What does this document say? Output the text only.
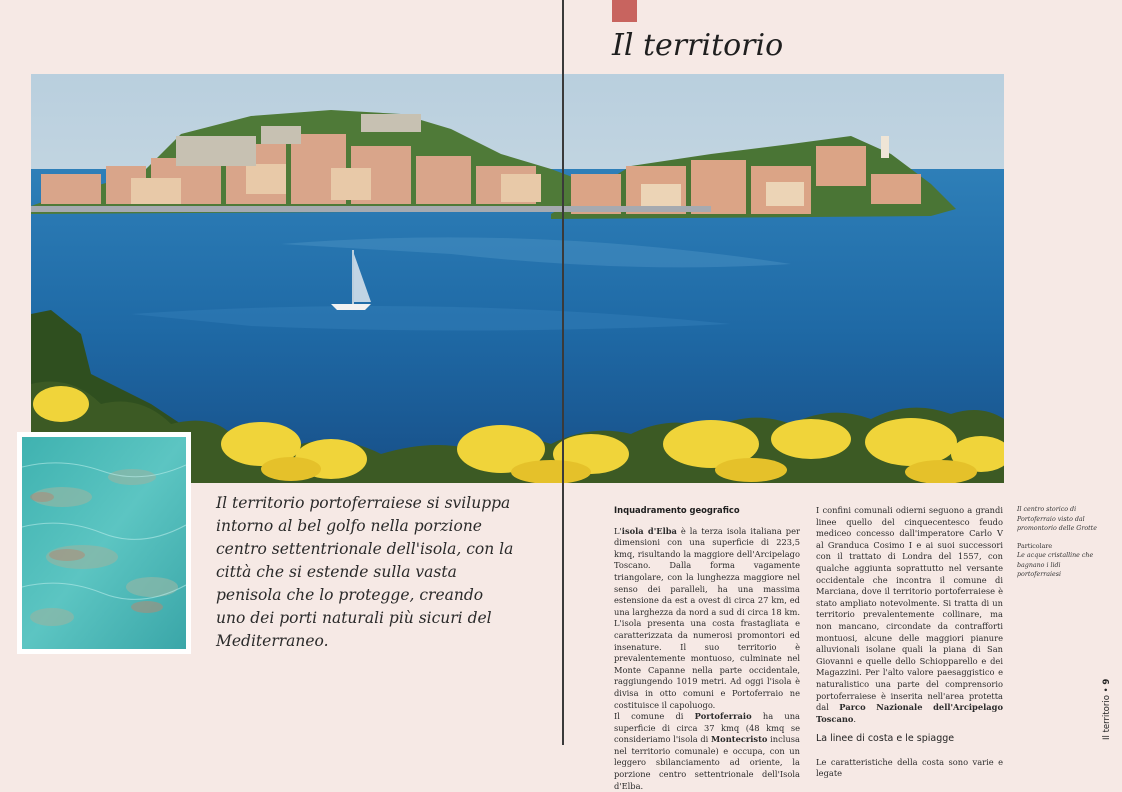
Il territorio

Il territorio portoferraiese si sviluppa intorno al bel golfo nella porzione centro settentrionale dell'isola, con la città che si estende sulla vasta penisola che lo protegge, creando uno dei porti naturali più sicuri del Mediterraneo.

Inquadramento geografico

L'isola d'Elba è la terza isola italiana per dimensioni con una superficie di 223,5 kmq, risultando la maggiore dell'Arcipelago Toscano. Dalla forma vagamente triangolare, con la lunghezza maggiore nel senso dei paralleli, ha una massima estensione da est a ovest di circa 27 km, ed una larghezza da nord a sud di circa 18 km. L'isola presenta una costa frastagliata e caratterizzata da numerosi promontori ed insenature. Il suo territorio è prevalentemente montuoso, culminate nel Monte Capanne nella parte occidentale, raggiungendo 1019 metri. Ad oggi l'isola è divisa in otto comuni e Portoferraio ne costituisce il capoluogo.

Il comune di Portoferraio ha una superficie di circa 37 kmq (48 kmq se consideriamo l'isola di Montecristo inclusa nel territorio comunale) e occupa, con un leggero sbilanciamento ad oriente, la porzione centro settentrionale dell'Isola d'Elba.

I confini comunali odierni seguono a grandi linee quello del cinquecentesco feudo mediceo concesso dall'imperatore Carlo V al Granduca Cosimo I e ai suoi successori con il trattato di Londra del 1557, con qualche aggiunta soprattutto nel versante occidentale che incontra il comune di Marciana, dove il territorio portoferraiese è stato ampliato notevolmente. Si tratta di un territorio prevalentemente collinare, ma non mancano, circondate da contrafforti montuosi, alcune delle maggiori pianure alluvionali isolane quali la piana di San Giovanni e quelle dello Schiopparello e dei Magazzini. Per l'alto valore paesaggistico e naturalistico una parte del comprensorio portoferraiese è inserita nell'area protetta dal Parco Nazionale dell'Arcipelago Toscano.

La linee di costa e le spiagge

Le caratteristiche della costa sono varie e legate

Il centro storico di Portoferraio visto dal promontorio delle Grotte

Particolare

Le acque cristalline che bagnano i lidi portoferraiesi

Il territorio • 9
